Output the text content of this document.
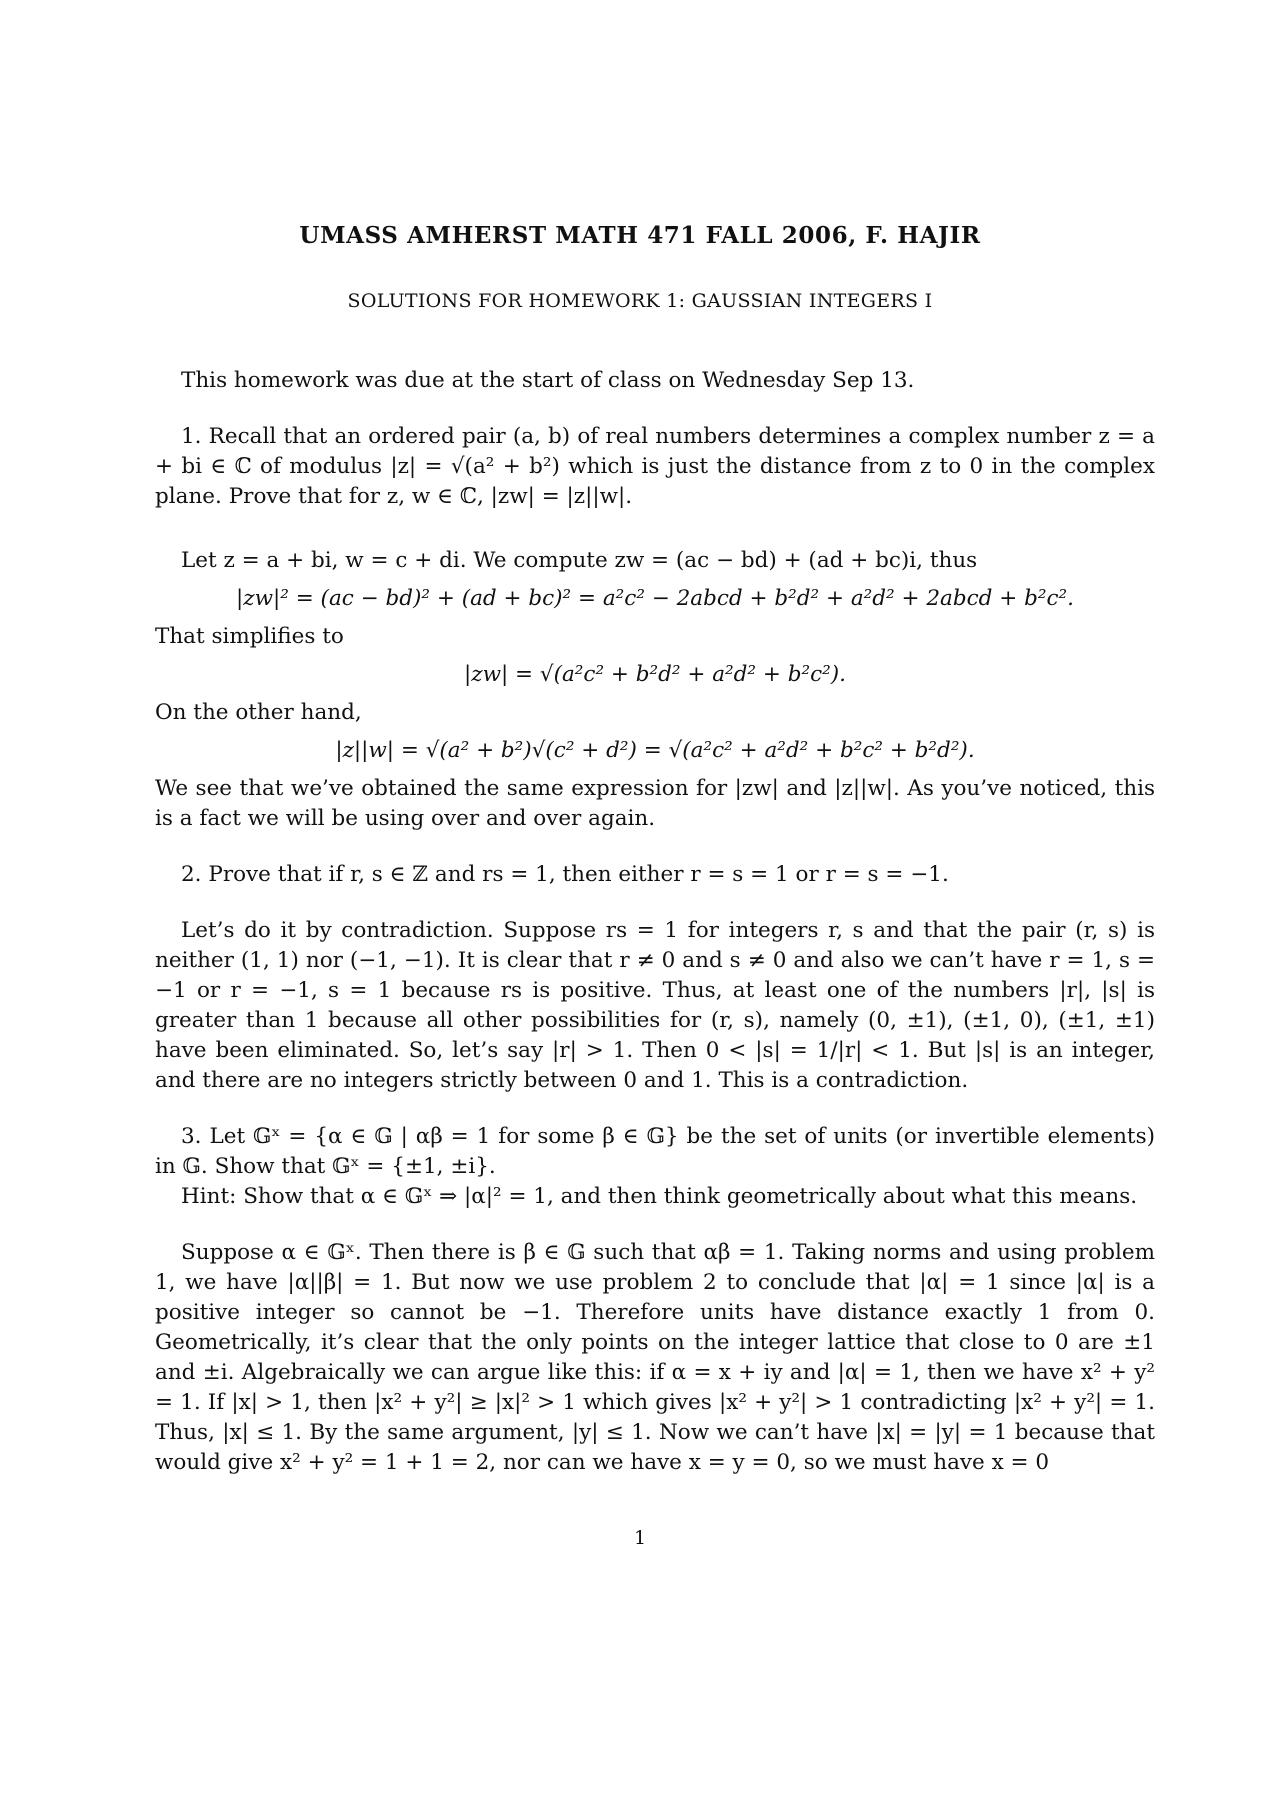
UMASS AMHERST MATH 471 FALL 2006, F. HAJIR
SOLUTIONS FOR HOMEWORK 1: GAUSSIAN INTEGERS I

This homework was due at the start of class on Wednesday Sep 13.

1. Recall that an ordered pair (a, b) of real numbers determines a complex number z = a + bi ∈ ℂ of modulus |z| = √(a² + b²) which is just the distance from z to 0 in the complex plane. Prove that for z, w ∈ ℂ, |zw| = |z||w|.

Let z = a + bi, w = c + di. We compute zw = (ac − bd) + (ad + bc)i, thus

|zw|² = (ac − bd)² + (ad + bc)² = a²c² − 2abcd + b²d² + a²d² + 2abcd + b²c².

That simplifies to

|zw| = √(a²c² + b²d² + a²d² + b²c²).

On the other hand,

|z||w| = √(a² + b²)√(c² + d²) = √(a²c² + a²d² + b²c² + b²d²).

We see that we’ve obtained the same expression for |zw| and |z||w|. As you’ve noticed, this is a fact we will be using over and over again.

2. Prove that if r, s ∈ ℤ and rs = 1, then either r = s = 1 or r = s = −1.

Let’s do it by contradiction. Suppose rs = 1 for integers r, s and that the pair (r, s) is neither (1, 1) nor (−1, −1). It is clear that r ≠ 0 and s ≠ 0 and also we can’t have r = 1, s = −1 or r = −1, s = 1 because rs is positive. Thus, at least one of the numbers |r|, |s| is greater than 1 because all other possibilities for (r, s), namely (0, ±1), (±1, 0), (±1, ±1) have been eliminated. So, let’s say |r| > 1. Then 0 < |s| = 1/|r| < 1. But |s| is an integer, and there are no integers strictly between 0 and 1. This is a contradiction.

3. Let 𝔾ˣ = {α ∈ 𝔾 | αβ = 1 for some β ∈ 𝔾} be the set of units (or invertible elements) in 𝔾. Show that 𝔾ˣ = {±1, ±i}.

Hint: Show that α ∈ 𝔾ˣ ⇒ |α|² = 1, and then think geometrically about what this means.

Suppose α ∈ 𝔾ˣ. Then there is β ∈ 𝔾 such that αβ = 1. Taking norms and using problem 1, we have |α||β| = 1. But now we use problem 2 to conclude that |α| = 1 since |α| is a positive integer so cannot be −1. Therefore units have distance exactly 1 from 0. Geometrically, it’s clear that the only points on the integer lattice that close to 0 are ±1 and ±i. Algebraically we can argue like this: if α = x + iy and |α| = 1, then we have x² + y² = 1. If |x| > 1, then |x² + y²| ≥ |x|² > 1 which gives |x² + y²| > 1 contradicting |x² + y²| = 1. Thus, |x| ≤ 1. By the same argument, |y| ≤ 1. Now we can’t have |x| = |y| = 1 because that would give x² + y² = 1 + 1 = 2, nor can we have x = y = 0, so we must have x = 0

1
